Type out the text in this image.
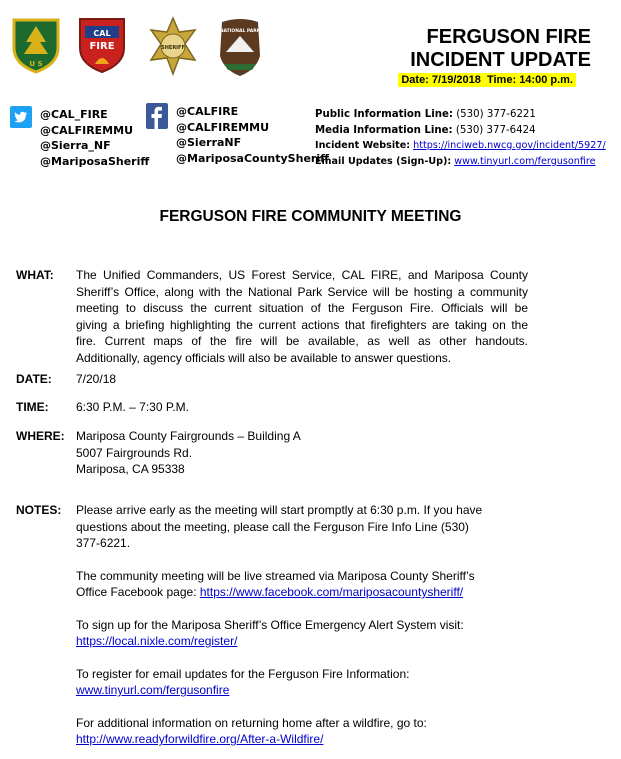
U S
CAL
FIRE	SHERIFF
NATIONAL PARK	FERGUSON FIRE
INCIDENT UPDATE
Date: 7/19/2018 Time: 14:00 p.m.
@CAL_FIRE
@CALFIREMMU
@Sierra_NF
@MariposaSheriff
@CALFIRE
@CALFIREMMU
@SierraNF
@MariposaCountySheriff
Public Information Line: (530) 377-6221
Media Information Line: (530) 377-6424
Incident Website: https://inciweb.nwcg.gov/incident/5927/
Email Updates (Sign-Up): www.tinyurl.com/fergusonfire
FERGUSON FIRE COMMUNITY MEETING
WHAT: The Unified Commanders, US Forest Service, CAL FIRE, and Mariposa County
Sheriff’s Office, along with the National Park Service will be hosting a community
meeting to discuss the current situation of the Ferguson Fire. Officials will be
giving a briefing highlighting the current actions that firefighters are taking on the
fire. Current maps of the fire will be available, as well as other handouts.
Additionally, agency officials will also be available to answer questions.
DATE: 7/20/18
TIME: 6:30 P.M. – 7:30 P.M.
WHERE: Mariposa County Fairgrounds – Building A
5007 Fairgrounds Rd.
Mariposa, CA 95338
NOTES: Please arrive early as the meeting will start promptly at 6:30 p.m. If you have
questions about the meeting, please call the Ferguson Fire Info Line (530)
377-6221.
The community meeting will be live streamed via Mariposa County Sheriff’s
Office Facebook page: https://www.facebook.com/mariposacountysheriff/
To sign up for the Mariposa Sheriff’s Office Emergency Alert System visit:
https://local.nixle.com/register/
To register for email updates for the Ferguson Fire Information:
www.tinyurl.com/fergusonfire
For additional information on returning home after a wildfire, go to:
http://www.readyforwildfire.org/After-a-Wildfire/
